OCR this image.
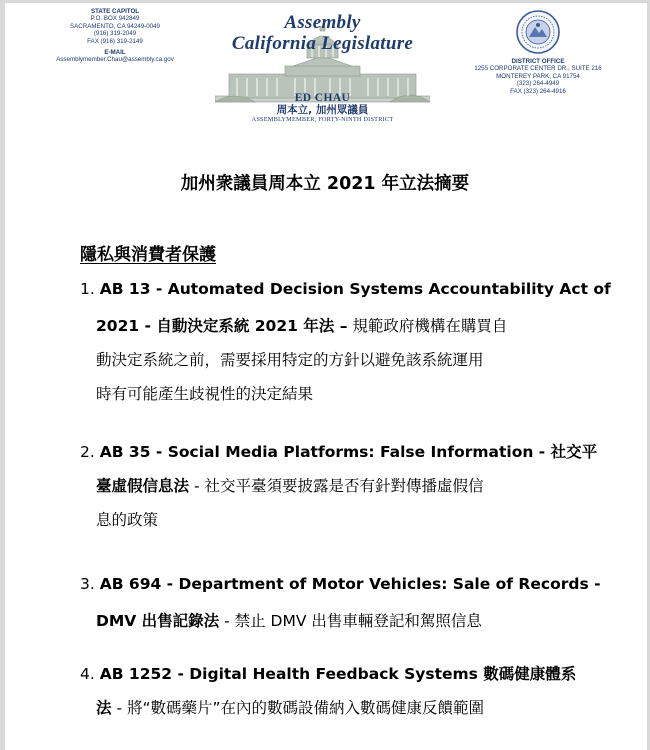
STATE CAPITOL
P.O. BOX 942849
SACRAMENTO, CA 94249-0049
(916) 319-2049
FAX (916) 319-2149
E-MAIL
Assemblymember.Chau@assembly.ca.gov
Assembly
California Legislature
ED CHAU
周本立, 加州眾議員
ASSEMBLYMEMBER, FORTY-NINTH DISTRICT
DISTRICT OFFICE
1255 CORPORATE CENTER DR., SUITE 216
MONTEREY PARK, CA 91754
(323) 264-4949
FAX (323) 264-4916
加州衆議員周本立 2021 年立法摘要
隱私與消費者保護
1. AB 13 - Automated Decision Systems Accountability Act of
2021 - 自動決定系統 2021 年法 – 規範政府機構在購買自
動決定系統之前，需要採用特定的方針以避免該系統運用
時有可能產生歧視性的決定結果
2. AB 35 - Social Media Platforms: False Information - 社交平
臺虛假信息法 - 社交平臺須要披露是否有針對傳播虛假信
息的政策
3. AB 694 - Department of Motor Vehicles: Sale of Records -
DMV 出售記錄法 - 禁止 DMV 出售車輛登記和駕照信息
4. AB 1252 - Digital Health Feedback Systems 數碼健康體系
法 - 將“數碼藥片”在內的數碼設備納入數碼健康反饋範圍
